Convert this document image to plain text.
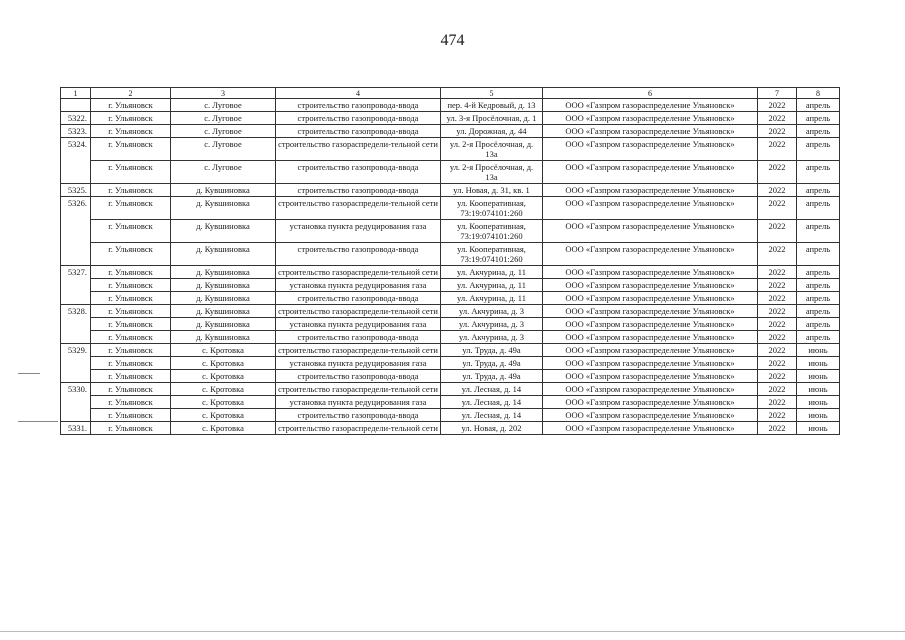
474
1	2	3	4	5	6	7	8
	г. Ульяновск	с. Луговое	строительство газопровода-ввода	пер. 4-й Кедровый, д. 13	ООО «Газпром газораспределение Ульяновск»	2022	апрель
5322.	г. Ульяновск	с. Луговое	строительство газопровода-ввода	ул. 3-я Просёлочная, д. 1	ООО «Газпром газораспределение Ульяновск»	2022	апрель
5323.	г. Ульяновск	с. Луговое	строительство газопровода-ввода	ул. Дорожная, д. 44	ООО «Газпром газораспределение Ульяновск»	2022	апрель
5324.	г. Ульяновск	с. Луговое	строительство газораспредели-тельной сети	ул. 2-я Просёлочная, д. 13а	ООО «Газпром газораспределение Ульяновск»	2022	апрель
	г. Ульяновск	с. Луговое	строительство газопровода-ввода	ул. 2-я Просёлочная, д. 13а	ООО «Газпром газораспределение Ульяновск»	2022	апрель
5325.	г. Ульяновск	д. Кувшиновка	строительство газопровода-ввода	ул. Новая, д. 31, кв. 1	ООО «Газпром газораспределение Ульяновск»	2022	апрель
5326.	г. Ульяновск	д. Кувшиновка	строительство газораспредели-тельной сети	ул. Кооперативная, 73:19:074101:260	ООО «Газпром газораспределение Ульяновск»	2022	апрель
	г. Ульяновск	д. Кувшиновка	установка пункта редуцирования газа	ул. Кооперативная, 73:19:074101:260	ООО «Газпром газораспределение Ульяновск»	2022	апрель
	г. Ульяновск	д. Кувшиновка	строительство газопровода-ввода	ул. Кооперативная, 73:19:074101:260	ООО «Газпром газораспределение Ульяновск»	2022	апрель
5327.	г. Ульяновск	д. Кувшиновка	строительство газораспредели-тельной сети	ул. Акчурина, д. 11	ООО «Газпром газораспределение Ульяновск»	2022	апрель
	г. Ульяновск	д. Кувшиновка	установка пункта редуцирования газа	ул. Акчурина, д. 11	ООО «Газпром газораспределение Ульяновск»	2022	апрель
	г. Ульяновск	д. Кувшиновка	строительство газопровода-ввода	ул. Акчурина, д. 11	ООО «Газпром газораспределение Ульяновск»	2022	апрель
5328.	г. Ульяновск	д. Кувшиновка	строительство газораспредели-тельной сети	ул. Акчурина, д. 3	ООО «Газпром газораспределение Ульяновск»	2022	апрель
	г. Ульяновск	д. Кувшиновка	установка пункта редуцирования газа	ул. Акчурина, д. 3	ООО «Газпром газораспределение Ульяновск»	2022	апрель
	г. Ульяновск	д. Кувшиновка	строительство газопровода-ввода	ул. Акчурина, д. 3	ООО «Газпром газораспределение Ульяновск»	2022	апрель
5329.	г. Ульяновск	с. Кротовка	строительство газораспредели-тельной сети	ул. Труда, д. 49а	ООО «Газпром газораспределение Ульяновск»	2022	июнь
	г. Ульяновск	с. Кротовка	установка пункта редуцирования газа	ул. Труда, д. 49а	ООО «Газпром газораспределение Ульяновск»	2022	июнь
	г. Ульяновск	с. Кротовка	строительство газопровода-ввода	ул. Труда, д. 49а	ООО «Газпром газораспределение Ульяновск»	2022	июнь
5330.	г. Ульяновск	с. Кротовка	строительство газораспредели-тельной сети	ул. Лесная, д. 14	ООО «Газпром газораспределение Ульяновск»	2022	июнь
	г. Ульяновск	с. Кротовка	установка пункта редуцирования газа	ул. Лесная, д. 14	ООО «Газпром газораспределение Ульяновск»	2022	июнь
	г. Ульяновск	с. Кротовка	строительство газопровода-ввода	ул. Лесная, д. 14	ООО «Газпром газораспределение Ульяновск»	2022	июнь
5331.	г. Ульяновск	с. Кротовка	строительство газораспредели-тельной сети	ул. Новая, д. 202	ООО «Газпром газораспределение Ульяновск»	2022	июнь
